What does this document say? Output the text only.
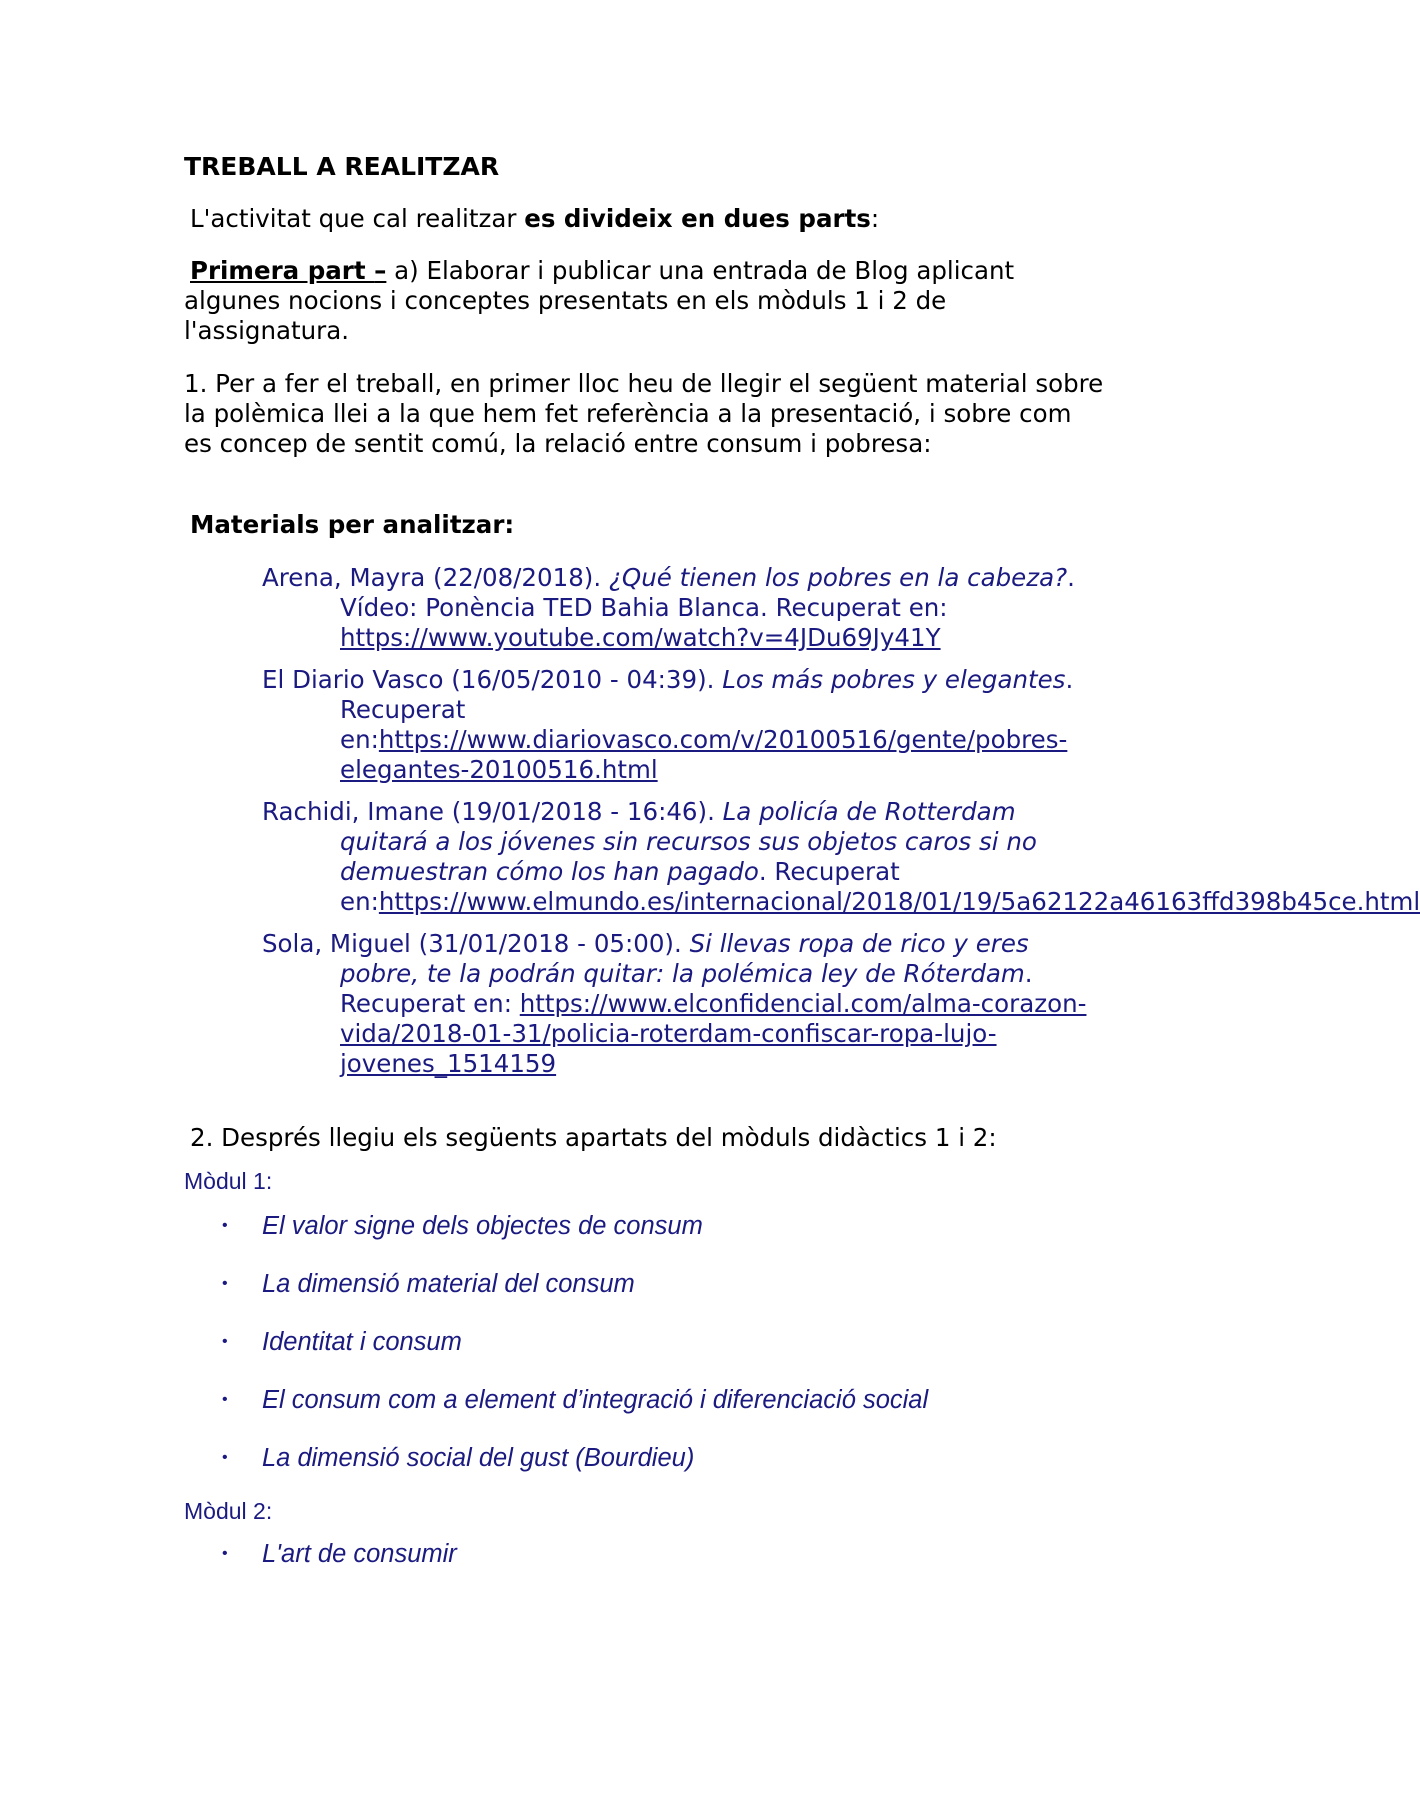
TREBALL A REALITZAR

L'activitat que cal realitzar es divideix en dues parts:

Primera part – a) Elaborar i publicar una entrada de Blog aplicant algunes nocions i conceptes presentats en els mòduls 1 i 2 de l'assignatura.

1. Per a fer el treball, en primer lloc heu de llegir el següent material sobre la polèmica llei a la que hem fet referència a la presentació, i sobre com es concep de sentit comú, la relació entre consum i pobresa:

Materials per analitzar:

Arena, Mayra (22/08/2018). ¿Qué tienen los pobres en la cabeza?. Vídeo: Ponència TED Bahia Blanca. Recuperat en: https://www.youtube.com/watch?v=4JDu69Jy41Y
El Diario Vasco (16/05/2010 - 04:39). Los más pobres y elegantes. Recuperat en:https://www.diariovasco.com/v/20100516/gente/pobres-elegantes-20100516.html
Rachidi, Imane (19/01/2018 - 16:46). La policía de Rotterdam quitará a los jóvenes sin recursos sus objetos caros si no demuestran cómo los han pagado. Recuperat en:https://www.elmundo.es/internacional/2018/01/19/5a62122a46163ffd398b45ce.html
Sola, Miguel (31/01/2018 - 05:00). Si llevas ropa de rico y eres pobre, te la podrán quitar: la polémica ley de Róterdam. Recuperat en: https://www.elconfidencial.com/alma-corazon-vida/2018-01-31/policia-roterdam-confiscar-ropa-lujo-jovenes_1514159

2. Després llegiu els següents apartats del mòduls didàctics 1 i 2:

Mòdul 1:

• El valor signe dels objectes de consum
• La dimensió material del consum
• Identitat i consum
• El consum com a element d’integració i diferenciació social
• La dimensió social del gust (Bourdieu)

Mòdul 2:

• L'art de consumir
